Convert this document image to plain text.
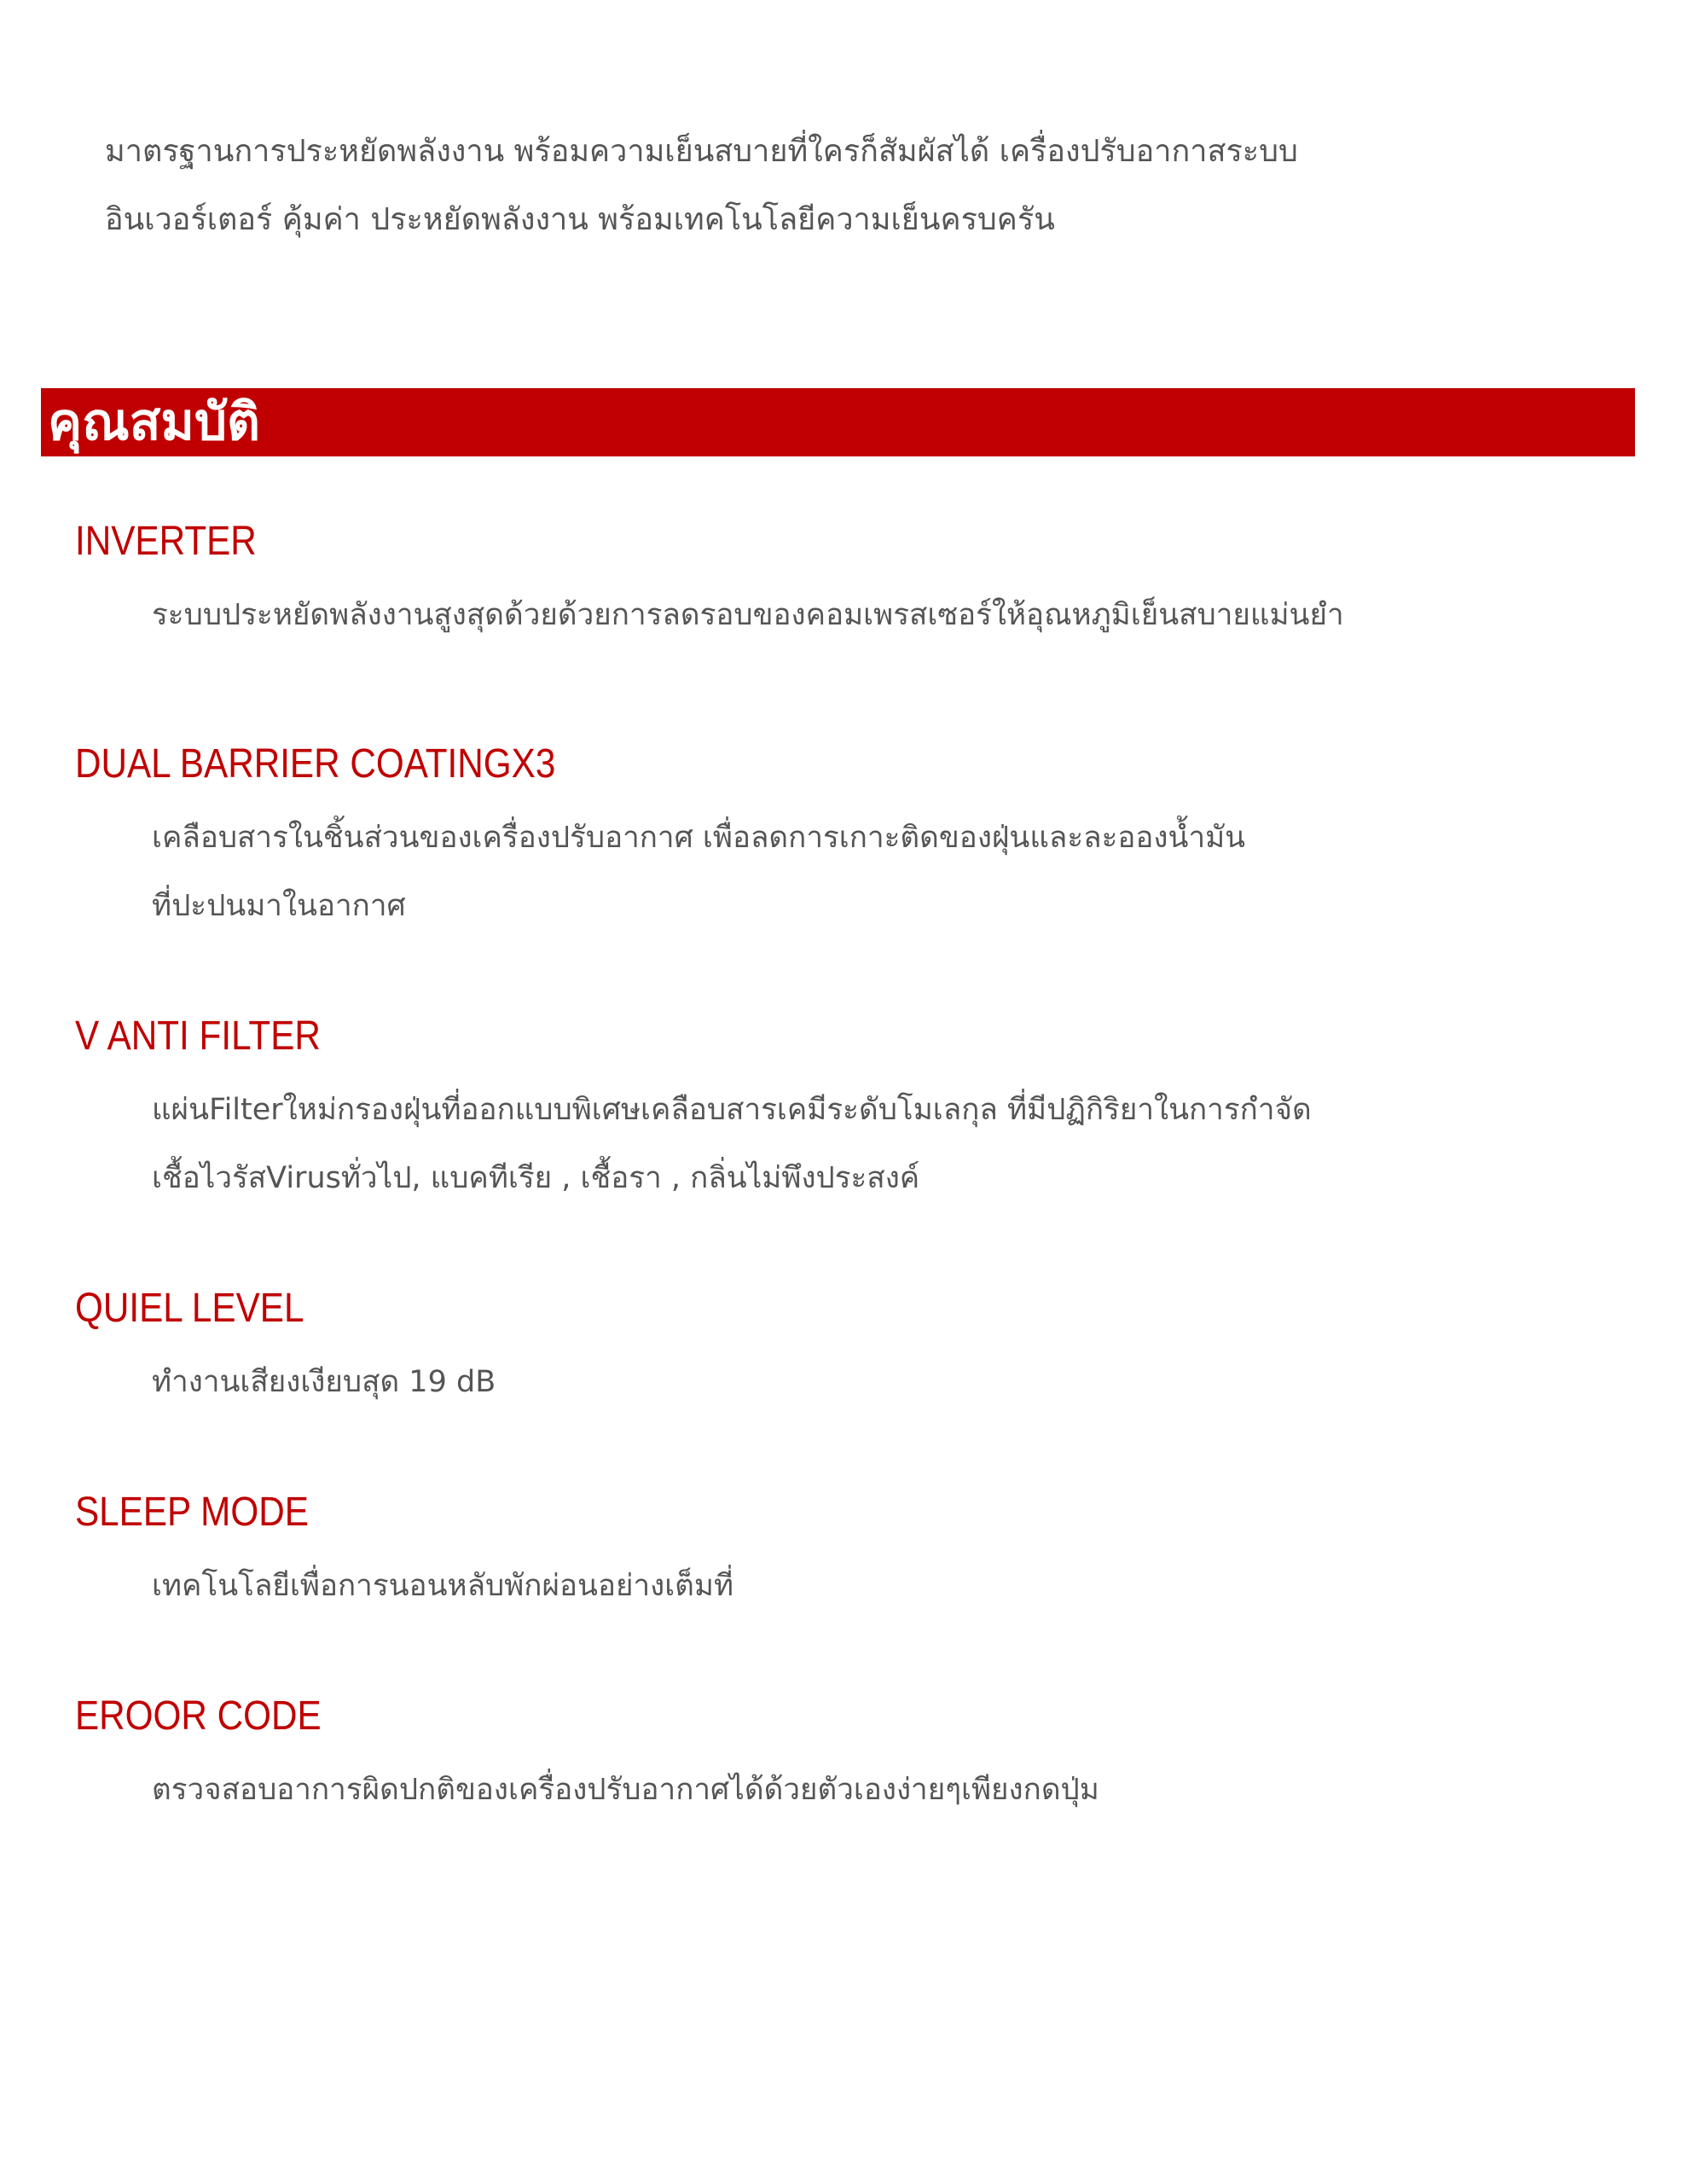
มาตรฐานการประหยัดพลังงาน พร้อมความเย็นสบายที่ใครก็สัมผัสได้ เครื่องปรับอากาสระบบ

อินเวอร์เตอร์ คุ้มค่า ประหยัดพลังงาน พร้อมเทคโนโลยีความเย็นครบครัน

คุณสมบัติ
INVERTER

ระบบประหยัดพลังงานสูงสุดด้วยด้วยการลดรอบของคอมเพรสเซอร์ให้อุณหภูมิเย็นสบายแม่นยำ

DUAL BARRIER COATINGX3

เคลือบสารในชิ้นส่วนของเครื่องปรับอากาศ เพื่อลดการเกาะติดของฝุ่นและละอองน้ำมัน

ที่ปะปนมาในอากาศ

V ANTI FILTER

แผ่นFilterใหม่กรองฝุ่นที่ออกแบบพิเศษเคลือบสารเคมีระดับโมเลกุล ที่มีปฏิกิริยาในการกำจัด

เชื้อไวรัสVirusทั่วไป, แบคทีเรีย , เชื้อรา , กลิ่นไม่พึงประสงค์

QUIEL LEVEL

ทำงานเสียงเงียบสุด 19 dB

SLEEP MODE

เทคโนโลยีเพื่อการนอนหลับพักผ่อนอย่างเต็มที่

EROOR CODE

ตรวจสอบอาการผิดปกติของเครื่องปรับอากาศได้ด้วยตัวเองง่ายๆเพียงกดปุ่ม
